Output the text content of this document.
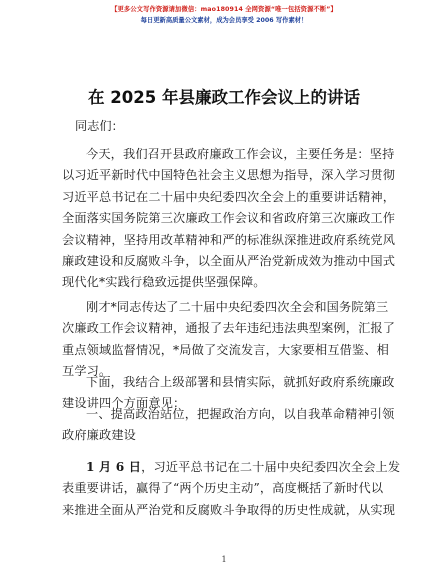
【更多公文写作资源请加微信：mao180914 全网资源“唯一包括资源不断”】
每日更新高质量公文素材，成为会员享受 2006 写作素材！
在 2025 年县廉政工作会议上的讲话
同志们：
今天，我们召开县政府廉政工作会议，主要任务是：坚持
以习近平新时代中国特色社会主义思想为指导，深入学习贯彻
习近平总书记在二十届中央纪委四次全会上的重要讲话精神，
全面落实国务院第三次廉政工作会议和省政府第三次廉政工作
会议精神，坚持用改革精神和严的标准纵深推进政府系统党风
廉政建设和反腐败斗争，以全面从严治党新成效为推动中国式
现代化*实践行稳致远提供坚强保障。
刚才*同志传达了二十届中央纪委四次全会和国务院第三
次廉政工作会议精神，通报了去年违纪违法典型案例，汇报了
重点领域监督情况，*局做了交流发言，大家要相互借鉴、相
互学习。
下面，我结合上级部署和县情实际，就抓好政府系统廉政
建设讲四个方面意见：
一、提高政治站位，把握政治方向，以自我革命精神引领
政府廉政建设
1 月 6 日，习近平总书记在二十届中央纪委四次全会上发
表重要讲话，赢得了“两个历史主动”，高度概括了新时代以
来推进全面从严治党和反腐败斗争取得的历史性成就，从实现
1
